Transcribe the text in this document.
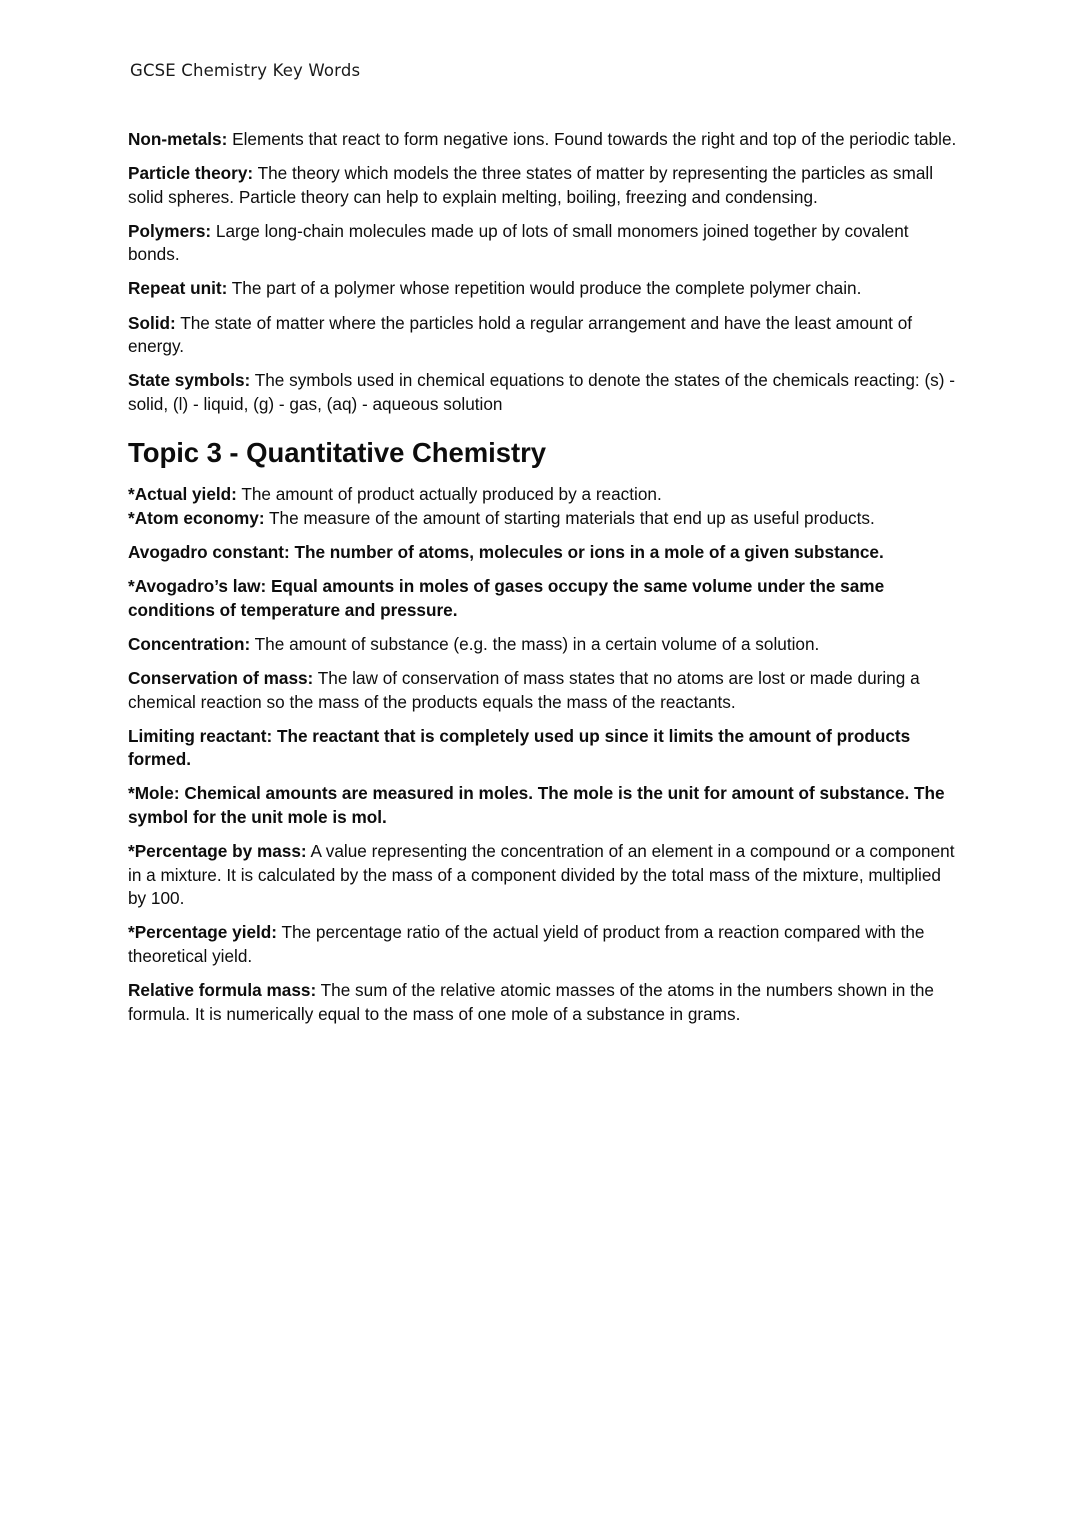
GCSE Chemistry Key Words

Non-metals: Elements that react to form negative ions. Found towards the right and top of the periodic table.

Particle theory: The theory which models the three states of matter by representing the particles as small solid spheres. Particle theory can help to explain melting, boiling, freezing and condensing.

Polymers: Large long-chain molecules made up of lots of small monomers joined together by covalent bonds.

Repeat unit: The part of a polymer whose repetition would produce the complete polymer chain.

Solid: The state of matter where the particles hold a regular arrangement and have the least amount of energy.

State symbols: The symbols used in chemical equations to denote the states of the chemicals reacting: (s) - solid, (l) - liquid, (g) - gas, (aq) - aqueous solution

Topic 3 - Quantitative Chemistry

*Actual yield: The amount of product actually produced by a reaction.
*Atom economy: The measure of the amount of starting materials that end up as useful products.

Avogadro constant: The number of atoms, molecules or ions in a mole of a given substance.

*Avogadro’s law: Equal amounts in moles of gases occupy the same volume under the same conditions of temperature and pressure.

Concentration: The amount of substance (e.g. the mass) in a certain volume of a solution.

Conservation of mass: The law of conservation of mass states that no atoms are lost or made during a chemical reaction so the mass of the products equals the mass of the reactants.

Limiting reactant: The reactant that is completely used up since it limits the amount of products formed.

*Mole: Chemical amounts are measured in moles. The mole is the unit for amount of substance. The symbol for the unit mole is mol.

*Percentage by mass: A value representing the concentration of an element in a compound or a component in a mixture. It is calculated by the mass of a component divided by the total mass of the mixture, multiplied by 100.

*Percentage yield: The percentage ratio of the actual yield of product from a reaction compared with the theoretical yield.

Relative formula mass: The sum of the relative atomic masses of the atoms in the numbers shown in the formula. It is numerically equal to the mass of one mole of a substance in grams.
